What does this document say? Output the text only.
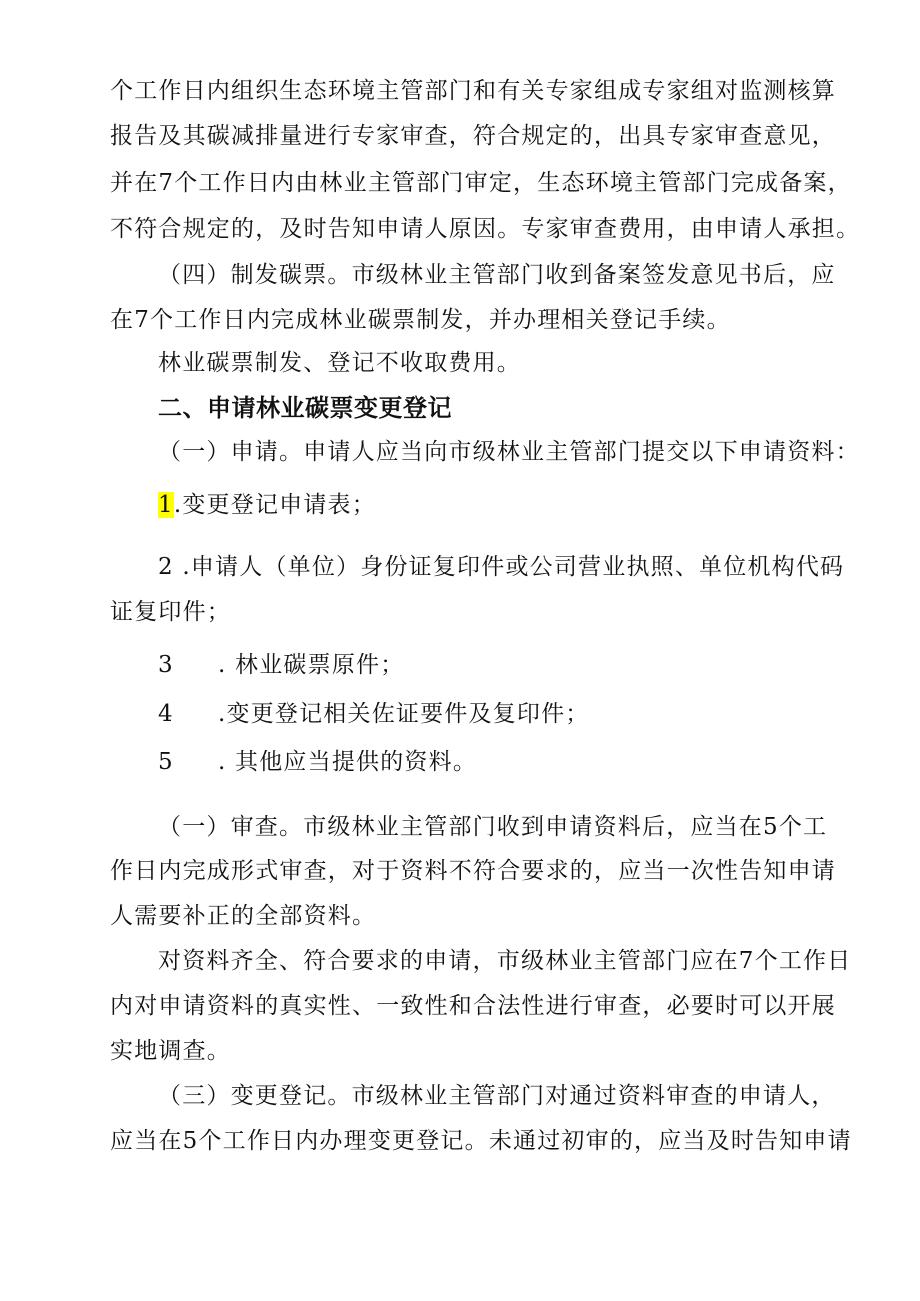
个工作日内组织生态环境主管部门和有关专家组成专家组对监测核算
报告及其碳减排量进行专家审查，符合规定的，出具专家审查意见，
并在7个工作日内由林业主管部门审定，生态环境主管部门完成备案，
不符合规定的，及时告知申请人原因。专家审查费用，由申请人承担。
（四）制发碳票。市级林业主管部门收到备案签发意见书后，应
在7个工作日内完成林业碳票制发，并办理相关登记手续。
林业碳票制发、登记不收取费用。
二、申请林业碳票变更登记
（一）申请。申请人应当向市级林业主管部门提交以下申请资料：
1.变更登记申请表；
2 .申请人（单位）身份证复印件或公司营业执照、单位机构代码
证复印件；
3 . 林业碳票原件；
4 .变更登记相关佐证要件及复印件；
5 . 其他应当提供的资料。
（一）审查。市级林业主管部门收到申请资料后，应当在5个工
作日内完成形式审查，对于资料不符合要求的，应当一次性告知申请
人需要补正的全部资料。
对资料齐全、符合要求的申请，市级林业主管部门应在7个工作日
内对申请资料的真实性、一致性和合法性进行审查，必要时可以开展
实地调查。
（三）变更登记。市级林业主管部门对通过资料审查的申请人，
应当在5个工作日内办理变更登记。未通过初审的，应当及时告知申请
